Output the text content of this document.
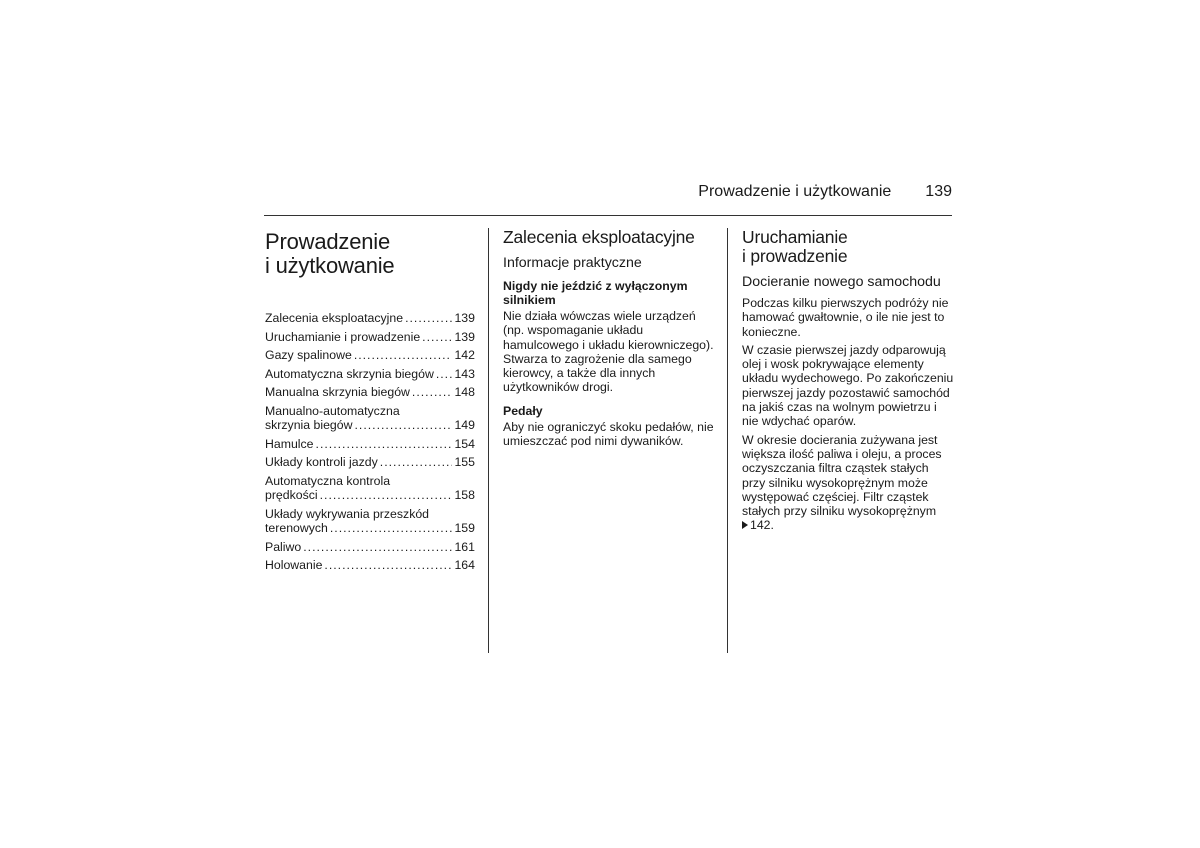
Prowadzenie i użytkowanie 139
Prowadzenie
i użytkowanie
Zalecenia eksploatacyjne .....	139
Uruchamianie i prowadzenie .....	139
Gazy spalinowe .....	142
Automatyczna skrzynia biegów ..... 143
Manualna skrzynia biegów .....	148
Manualno-automatyczna
skrzynia biegów .....	149
Hamulce .....	154
Układy kontroli jazdy .....	155
Automatyczna kontrola
prędkości .....	158
Układy wykrywania przeszkód
terenowych .....	159
Paliwo .....	161
Holowanie .....	164
Zalecenia eksploatacyjne
Informacje praktyczne
Nigdy nie jeździć z wyłączonym silnikiem

Nie działa wówczas wiele urządzeń (np. wspomaganie układu hamulcowego i układu kierowniczego). Stwarza to zagrożenie dla samego kierowcy, a także dla innych użytkowników drogi.

Pedały

Aby nie ograniczyć skoku pedałów, nie umieszczać pod nimi dywaników.

Uruchamianie
i prowadzenie
Docieranie nowego samochodu

Podczas kilku pierwszych podróży nie hamować gwałtownie, o ile nie jest to konieczne.

W czasie pierwszej jazdy odparowują olej i wosk pokrywające elementy układu wydechowego. Po zakończeniu pierwszej jazdy pozostawić samochód na jakiś czas na wolnym powietrzu i nie wdychać oparów.

W okresie docierania zużywana jest większa ilość paliwa i oleju, a proces oczyszczania filtra cząstek stałych przy silniku wysokoprężnym może występować częściej. Filtr cząstek stałych przy silniku wysokoprężnym
142.
